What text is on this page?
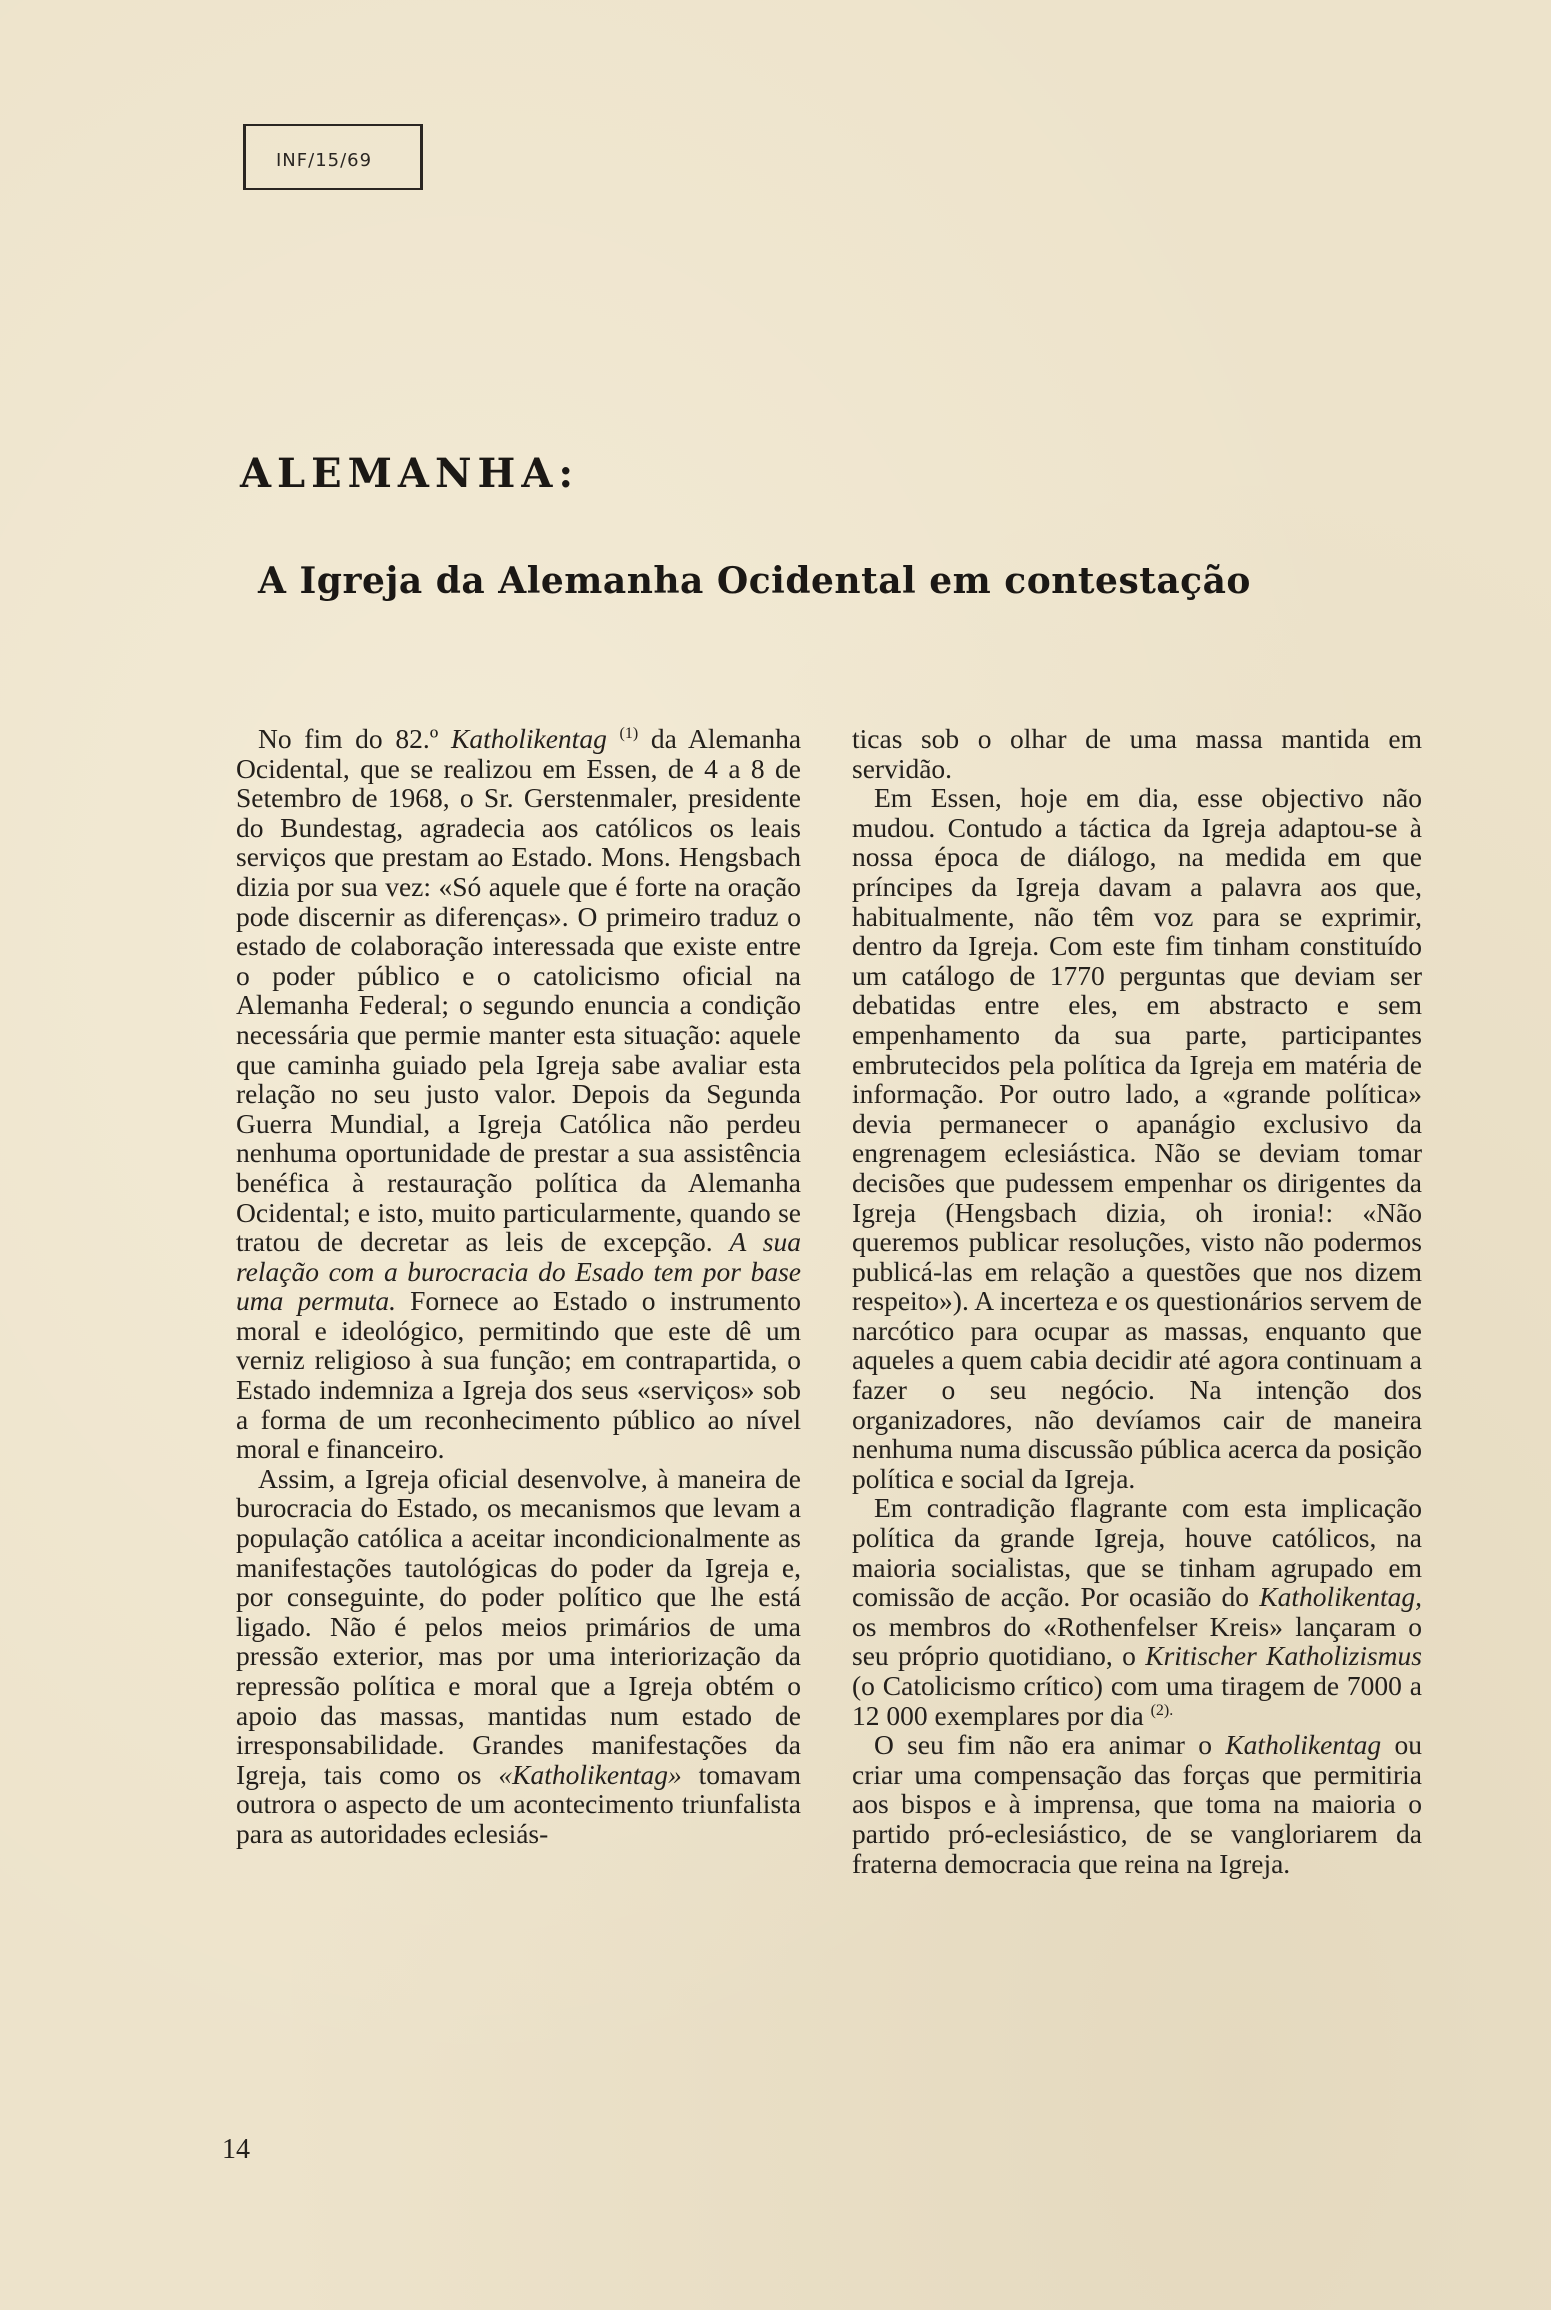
INF/15/69
ALEMANHA:
A Igreja da Alemanha Ocidental em contestação

No fim do 82.º Katholikentag $^{(1)}$ da Alemanha Ocidental, que se realizou em Essen, de 4 a 8 de Setembro de 1968, o Sr. Gerstenmaler, presidente do Bundestag, agradecia aos católicos os leais serviços que prestam ao Estado. Mons. Hengsbach dizia por sua vez: «Só aquele que é forte na oração pode discernir as diferenças». O primeiro traduz o estado de colaboração interessada que existe entre o poder público e o catolicismo oficial na Alemanha Federal; o segundo enuncia a condição necessária que permie manter esta situação: aquele que caminha guiado pela Igreja sabe avaliar esta relação no seu justo valor. Depois da Segunda Guerra Mundial, a Igreja Católica não perdeu nenhuma oportunidade de prestar a sua assistência benéfica à restauração política da Alemanha Ocidental; e isto, muito particularmente, quando se tratou de decretar as leis de excepção. A sua relação com a burocracia do Esado tem por base uma permuta. Fornece ao Estado o instrumento moral e ideológico, permitindo que este dê um verniz religioso à sua função; em contrapartida, o Estado indemniza a Igreja dos seus «serviços» sob a forma de um reconhecimento público ao nível moral e financeiro.

Assim, a Igreja oficial desenvolve, à maneira de burocracia do Estado, os mecanismos que levam a população católica a aceitar incondicionalmente as manifestações tautológicas do poder da Igreja e, por conseguinte, do poder político que lhe está ligado. Não é pelos meios primários de uma pressão exterior, mas por uma interiorização da repressão política e moral que a Igreja obtém o apoio das massas, mantidas num estado de irresponsabilidade. Grandes manifestações da Igreja, tais como os «Katholikentag» tomavam outrora o aspecto de um acontecimento triunfalista para as autoridades eclesiás-

ticas sob o olhar de uma massa mantida em servidão.

Em Essen, hoje em dia, esse objectivo não mudou. Contudo a táctica da Igreja adaptou-se à nossa época de diálogo, na medida em que príncipes da Igreja davam a palavra aos que, habitualmente, não têm voz para se exprimir, dentro da Igreja. Com este fim tinham constituído um catálogo de 1770 perguntas que deviam ser debatidas entre eles, em abstracto e sem empenhamento da sua parte, participantes embrutecidos pela política da Igreja em matéria de informação. Por outro lado, a «grande política» devia permanecer o apanágio exclusivo da engrenagem eclesiástica. Não se deviam tomar decisões que pudessem empenhar os dirigentes da Igreja (Hengsbach dizia, oh ironia!: «Não queremos publicar resoluções, visto não podermos publicá-las em relação a questões que nos dizem respeito»). A incerteza e os questionários servem de narcótico para ocupar as massas, enquanto que aqueles a quem cabia decidir até agora continuam a fazer o seu negócio. Na intenção dos organizadores, não devíamos cair de maneira nenhuma numa discussão pública acerca da posição política e social da Igreja.

Em contradição flagrante com esta implicação política da grande Igreja, houve católicos, na maioria socialistas, que se tinham agrupado em comissão de acção. Por ocasião do Katholikentag, os membros do «Rothenfelser Kreis» lançaram o seu próprio quotidiano, o Kritischer Katholizismus (o Catolicismo crítico) com uma tiragem de 7000 a 12 000 exemplares por dia $^{(2).}$

O seu fim não era animar o Katholikentag ou criar uma compensação das forças que permitiria aos bispos e à imprensa, que toma na maioria o partido pró-eclesiástico, de se vangloriarem da fraterna democracia que reina na Igreja.

14
